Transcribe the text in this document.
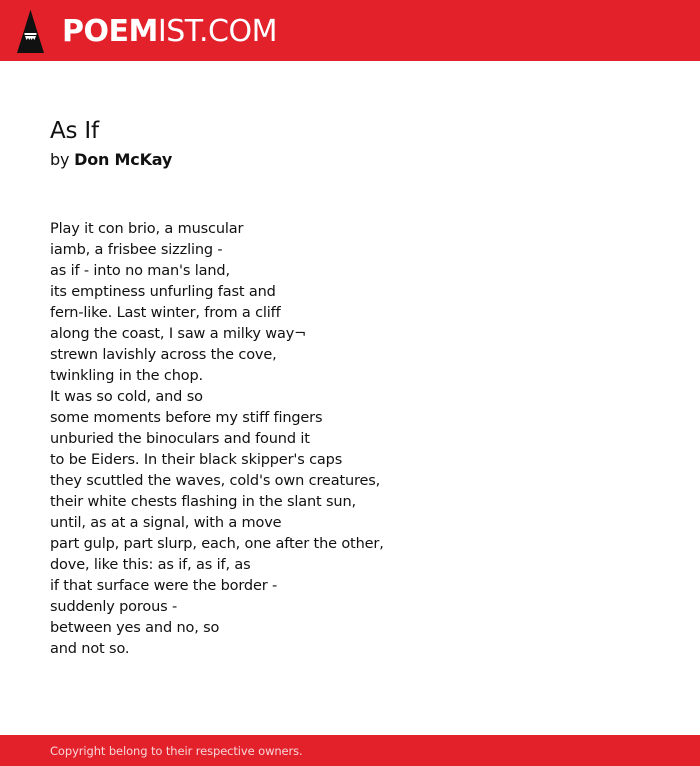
POEM IST.COM
As If
by Don McKay
Play it con brio, a muscular
iamb, a frisbee sizzling -
as if - into no man's land,
its emptiness unfurling fast and
fern-like. Last winter, from a cliff
along the coast, I saw a milky way¬
strewn lavishly across the cove,
twinkling in the chop.
It was so cold, and so
some moments before my stiff fingers
unburied the binoculars and found it
to be Eiders. In their black skipper's caps
they scuttled the waves, cold's own creatures,
their white chests flashing in the slant sun,
until, as at a signal, with a move
part gulp, part slurp, each, one after the other,
dove, like this: as if, as if, as
if that surface were the border -
suddenly porous -
between yes and no, so
and not so.
Copyright belong to their respective owners.
